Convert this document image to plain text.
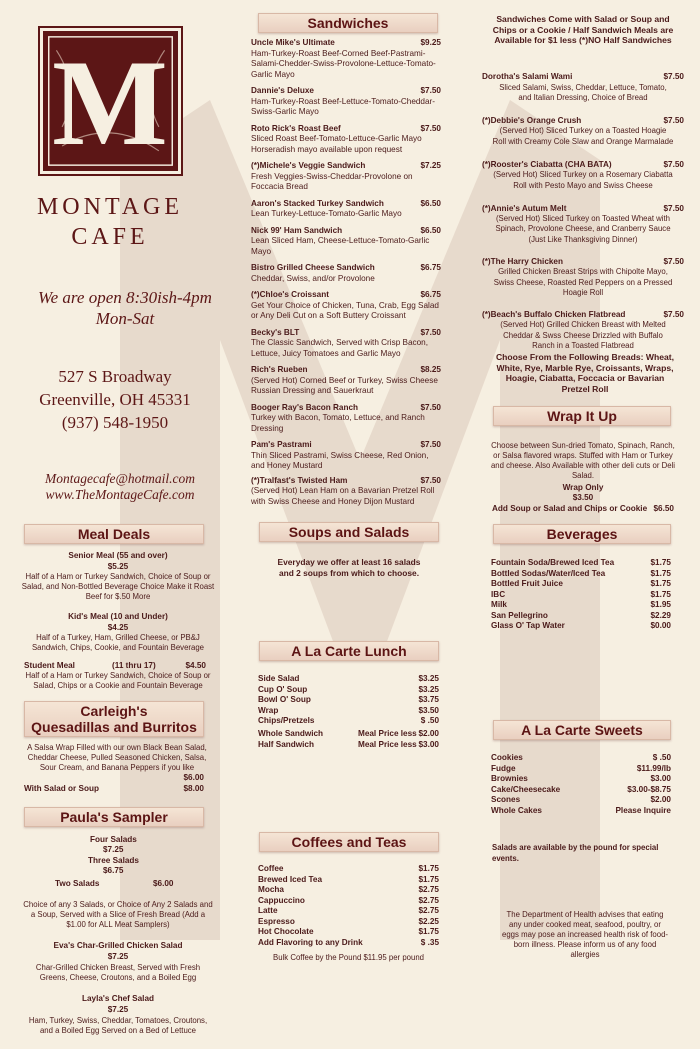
M
MONTAGE
CAFE
We are open 8:30ish-4pm
Mon-Sat
527 S Broadway
Greenville, OH 45331
(937) 548-1950
Montagecafe@hotmail.com
www.TheMontageCafe.com
Sandwiches
Uncle Mike's Ultimate	$9.25
Ham-Turkey-Roast Beef-Corned Beef-Pastrami-Salami-Chedder-Swiss-Provolone-Lettuce-Tomato-Garlic Mayo
Dannie's Deluxe	$7.50
Ham-Turkey-Roast Beef-Lettuce-Tomato-Cheddar-Swiss-Garlic Mayo
Roto Rick's Roast Beef	$7.50
Sliced Roast Beef-Tomato-Lettuce-Garlic Mayo Horseradish mayo available upon request
(*)Michele's Veggie Sandwich	$7.25
Fresh Veggies-Swiss-Cheddar-Provolone on Foccacia Bread
Aaron's Stacked Turkey Sandwich	$6.50
Lean Turkey-Lettuce-Tomato-Garlic Mayo
Nick 99' Ham Sandwich	$6.50
Lean Sliced Ham, Cheese-Lettuce-Tomato-Garlic Mayo
Bistro Grilled Cheese Sandwich	$6.75
Cheddar, Swiss, and/or Provolone
(*)Chloe's Croissant	$6.75
Get Your Choice of Chicken, Tuna, Crab, Egg Salad or Any Deli Cut on a Soft Buttery Croissant
Becky's BLT	$7.50
The Classic Sandwich, Served with Crisp Bacon, Lettuce, Juicy Tomatoes and Garlic Mayo
Rich's Rueben	$8.25
(Served Hot) Corned Beef or Turkey, Swiss Cheese Russian Dressing and Sauerkraut
Booger Ray's Bacon Ranch	$7.50
Turkey with Bacon, Tomato, Lettuce, and Ranch Dressing
Pam's Pastrami	$7.50
Thin Sliced Pastrami, Swiss Cheese, Red Onion, and Honey Mustard
(*)Tralfast's Twisted Ham	$7.50
(Served Hot) Lean Ham on a Bavarian Pretzel Roll with Swiss Cheese and Honey Dijon Mustard
Sandwiches Come with Salad or Soup and Chips or a Cookie / Half Sandwich Meals are Available for $1 less (*)NO Half Sandwiches
Dorotha's Salami Wami	$7.50
Sliced Salami, Swiss, Cheddar, Lettuce, Tomato, and Italian Dressing, Choice of Bread
(*)Debbie's Orange Crush	$7.50
(Served Hot) Sliced Turkey on a Toasted Hoagie Roll with Creamy Cole Slaw and Orange Marmalade
(*)Rooster's Ciabatta (CHA BATA)	$7.50
(Served Hot) Sliced Turkey on a Rosemary Ciabatta Roll with Pesto Mayo and Swiss Cheese
(*)Annie's Autum Melt	$7.50
(Served Hot) Sliced Turkey on Toasted Wheat with Spinach, Provolone Cheese, and Cranberry Sauce (Just Like Thanksgiving Dinner)
(*)The Harry Chicken	$7.50
Grilled Chicken Breast Strips with Chipolte Mayo, Swiss Cheese, Roasted Red Peppers on a Pressed Hoagie Roll
(*)Beach's Buffalo Chicken Flatbread	$7.50
(Served Hot) Grilled Chicken Breast with Melted Cheddar & Swss Cheese Drizzled with Buffalo Ranch in a Toasted Flatbread
Choose From the Following Breads: Wheat, White, Rye, Marble Rye, Croissants, Wraps, Hoagie, Ciabatta, Foccacia or Bavarian Pretzel Roll
Wrap It Up
Choose between Sun-dried Tomato, Spinach, Ranch, or Salsa flavored wraps. Stuffed with Ham or Turkey and cheese. Also Available with other deli cuts or Deli Salad.
Wrap Only
$3.50
Add Soup or Salad and Chips or Cookie $6.50
Meal Deals
Senior Meal (55 and over)
$5.25
Half of a Ham or Turkey Sandwich, Choice of Soup or Salad, and Non-Bottled Beverage Choice Make it Roast Beef for $.50 More
Kid's Meal (10 and Under)
$4.25
Half of a Turkey, Ham, Grilled Cheese, or PB&J Sandwich, Chips, Cookie, and Fountain Beverage
Student Meal	(11 thru 17)	$4.50
Half of a Ham or Turkey Sandwich, Choice of Soup or Salad, Chips or a Cookie and Fountain Beverage
Carleigh's
Quesadillas and Burritos
A Salsa Wrap Filled with our own Black Bean Salad, Cheddar Cheese, Pulled Seasoned Chicken, Salsa, Sour Cream, and Banana Peppers if you like
$6.00
With Salad or Soup	$8.00
Paula's Sampler
Four Salads
$7.25
Three Salads
$6.75
Two Salads	$6.00
Choice of any 3 Salads, or Choice of Any 2 Salads and a Soup, Served with a Slice of Fresh Bread (Add a $1.00 for ALL Meat Samplers)
Eva's Char-Grilled Chicken Salad
$7.25
Char-Grilled Chicken Breast, Served with Fresh Greens, Cheese, Croutons, and a Boiled Egg
Layla's Chef Salad
$7.25
Ham, Turkey, Swiss, Cheddar, Tomatoes, Croutons, and a Boiled Egg Served on a Bed of Lettuce
Soups and Salads
Everyday we offer at least 16 salads and 2 soups from which to choose.
A La Carte Lunch
Side Salad	$3.25
Cup O' Soup	$3.25
Bowl O' Soup	$3.75
Wrap	$3.50
Chips/Pretzels	$ .50
Whole Sandwich	Meal Price less $2.00
Half Sandwich	Meal Price less $3.00
Coffees and Teas
Coffee	$1.75
Brewed Iced Tea	$1.75
Mocha	$2.75
Cappuccino	$2.75
Latte	$2.75
Espresso	$2.25
Hot Chocolate	$1.75
Add Flavoring to any Drink	$ .35
Bulk Coffee by the Pound $11.95 per pound
Beverages
Fountain Soda/Brewed Iced Tea	$1.75
Bottled Sodas/Water/Iced Tea	$1.75
Bottled Fruit Juice	$1.75
IBC	$1.75
Milk	$1.95
San Pellegrino	$2.29
Glass O' Tap Water	$0.00
A La Carte Sweets
Cookies	$ .50
Fudge	$11.99/lb
Brownies	$3.00
Cake/Cheesecake	$3.00-$8.75
Scones	$2.00
Whole Cakes	Please Inquire
Salads are available by the pound for special events.
The Department of Health advises that eating any under cooked meat, seafood, poultry, or eggs may pose an increased health risk of food-born illness. Please inform us of any food allergies
